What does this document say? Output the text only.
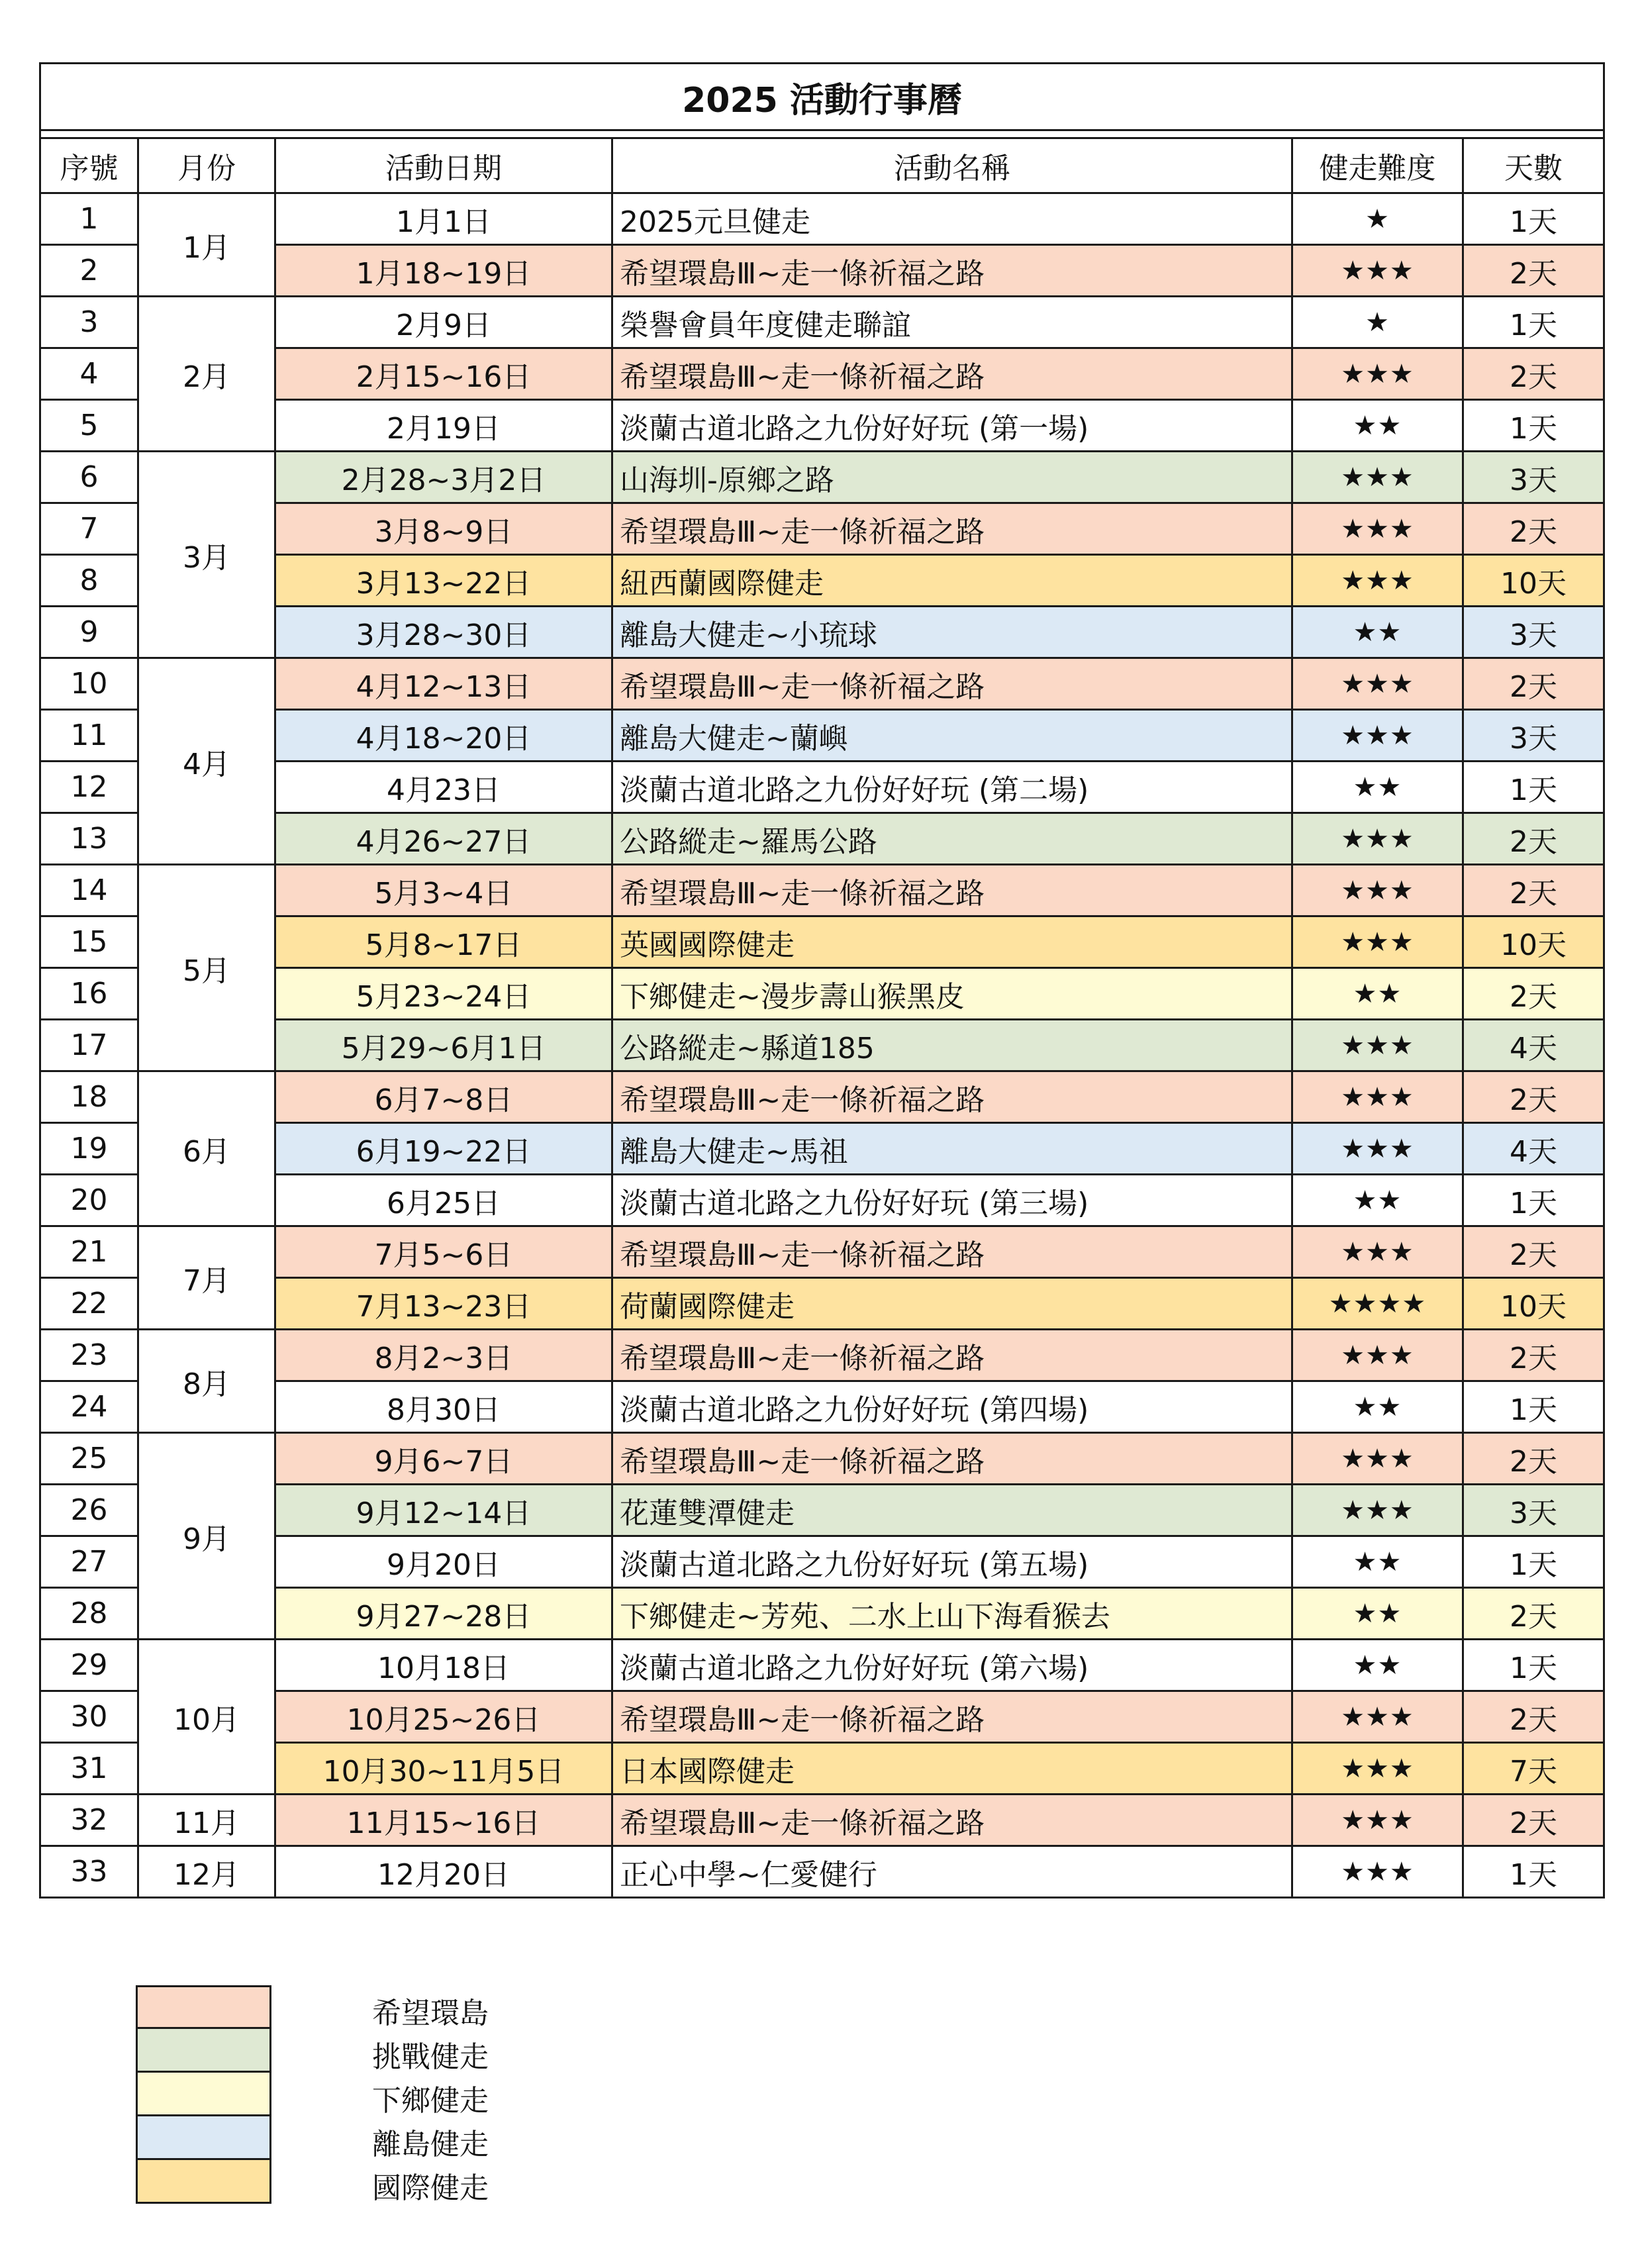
2025 活動行事曆					

序號	月份	活動日期	活動名稱	健走難度	天數
1	1月	1月1日	2025元旦健走	★	1天
2		1月18~19日	希望環島Ⅲ~走一條祈福之路	★★★	2天
3	2月	2月9日	榮譽會員年度健走聯誼	★	1天
4		2月15~16日	希望環島Ⅲ~走一條祈福之路	★★★	2天
5		2月19日	淡蘭古道北路之九份好好玩 (第一場)	★★	1天
6	3月	2月28~3月2日	山海圳-原鄉之路	★★★	3天
7		3月8~9日	希望環島Ⅲ~走一條祈福之路	★★★	2天
8		3月13~22日	紐西蘭國際健走	★★★	10天
9		3月28~30日	離島大健走~小琉球	★★	3天
10	4月	4月12~13日	希望環島Ⅲ~走一條祈福之路	★★★	2天
11		4月18~20日	離島大健走~蘭嶼	★★★	3天
12		4月23日	淡蘭古道北路之九份好好玩 (第二場)	★★	1天
13		4月26~27日	公路縱走~羅馬公路	★★★	2天
14	5月	5月3~4日	希望環島Ⅲ~走一條祈福之路	★★★	2天
15		5月8~17日	英國國際健走	★★★	10天
16		5月23~24日	下鄉健走~漫步壽山猴黑皮	★★	2天
17		5月29~6月1日	公路縱走~縣道185	★★★	4天
18	6月	6月7~8日	希望環島Ⅲ~走一條祈福之路	★★★	2天
19		6月19~22日	離島大健走~馬祖	★★★	4天
20		6月25日	淡蘭古道北路之九份好好玩 (第三場)	★★	1天
21	7月	7月5~6日	希望環島Ⅲ~走一條祈福之路	★★★	2天
22		7月13~23日	荷蘭國際健走	★★★★	10天
23	8月	8月2~3日	希望環島Ⅲ~走一條祈福之路	★★★	2天
24		8月30日	淡蘭古道北路之九份好好玩 (第四場)	★★	1天
25	9月	9月6~7日	希望環島Ⅲ~走一條祈福之路	★★★	2天
26		9月12~14日	花蓮雙潭健走	★★★	3天
27		9月20日	淡蘭古道北路之九份好好玩 (第五場)	★★	1天
28		9月27~28日	下鄉健走~芳苑、二水上山下海看猴去	★★	2天
29	10月	10月18日	淡蘭古道北路之九份好好玩 (第六場)	★★	1天
30		10月25~26日	希望環島Ⅲ~走一條祈福之路	★★★	2天
31		10月30~11月5日	日本國際健走	★★★	7天
32	11月	11月15~16日	希望環島Ⅲ~走一條祈福之路	★★★	2天
33	12月	12月20日	正心中學~仁愛健行	★★★	1天
希望環島
挑戰健走
下鄉健走
離島健走
國際健走
